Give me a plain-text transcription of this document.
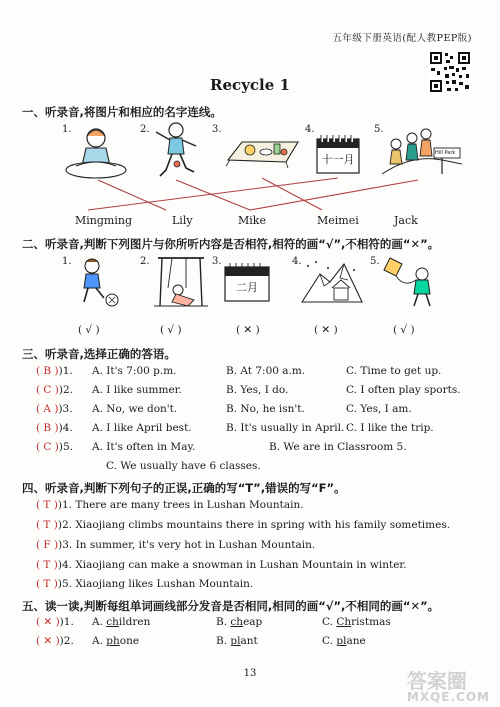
五年级下册英语(配人教PEP版)
Recycle 1
一、听录音,将图片和相应的名字连线。
1.	2.	3.	4.	5.
十一月	Hill Park
Mingming	Lily	Mike	Meimei	Jack
二、听录音,判断下列图片与你所听内容是否相符,相符的画“√”,不相符的画“✕”。
1.	2.	3.	4.	5.
二月
( √ )	( √ )	( ✕ )	( ✕ )	( √ )
三、听录音,选择正确的答语。
( B ))1. A. It's 7:00 p.m.	B. At 7:00 a.m.	C. Time to get up.
( C ))2. A. I like summer.	B. Yes, I do.	C. I often play sports.
( A ))3. A. No, we don't.	B. No, he isn't.	C. Yes, I am.
( B ))4. A. I like April best.	B. It's usually in April. C. I like the trip.
( C ))5. A. It's often in May.	B. We are in Classroom 5.
C. We usually have 6 classes.
四、听录音,判断下列句子的正误,正确的写“T”,错误的写“F”。
( T ))1. There are many trees in Lushan Mountain.
( T ))2. Xiaojiang climbs mountains there in spring with his family sometimes.
( F ))3. In summer, it's very hot in Lushan Mountain.
( T ))4. Xiaojiang can make a snowman in Lushan Mountain in winter.
( T ))5. Xiaojiang likes Lushan Mountain.
五、读一读,判断每组单词画线部分发音是否相同,相同的画“√”,不相同的画“✕”。
( ✕ ))1. A. children	B. cheap	C. Christmas
( ✕ ))2. A. phone	B. plant	C. plane
13	答案圈
MXQE.COM
